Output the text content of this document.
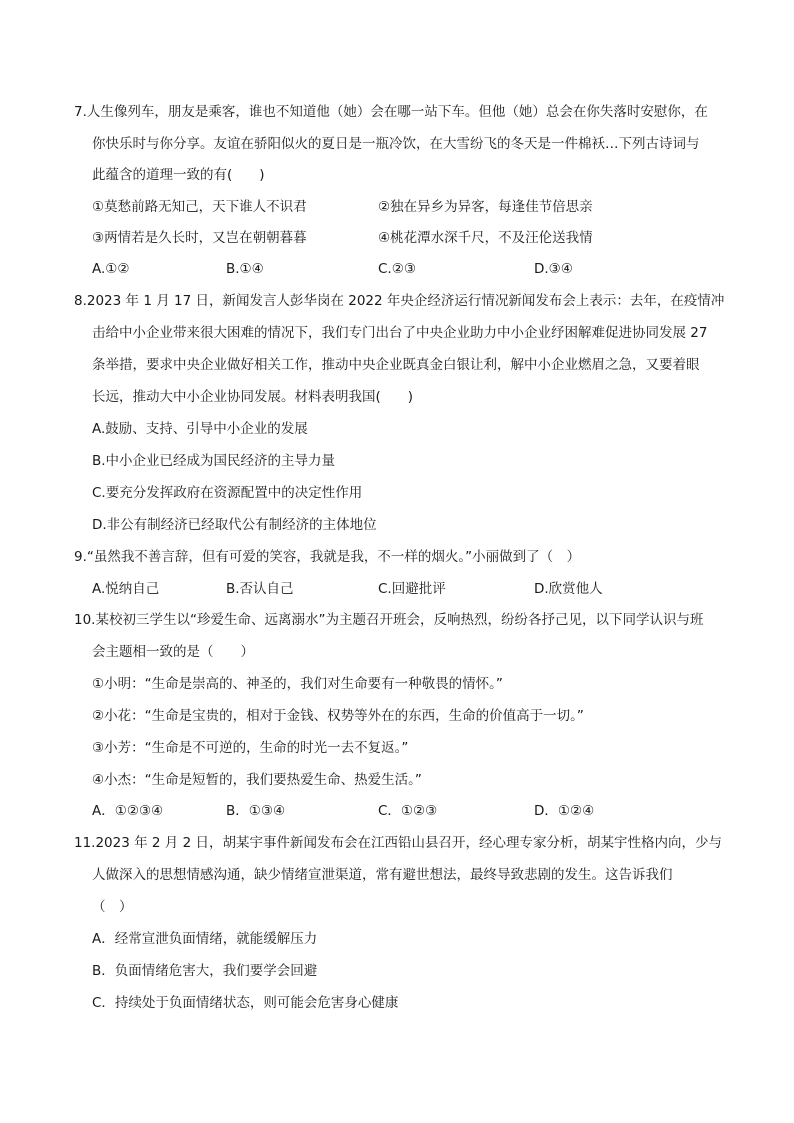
7.人生像列车，朋友是乘客，谁也不知道他（她）会在哪一站下车。但他（她）总会在你失落时安慰你，在
你快乐时与你分享。友谊在骄阳似火的夏日是一瓶冷饮，在大雪纷飞的冬天是一件棉袄…下列古诗词与
此蕴含的道理一致的有(　　)
①莫愁前路无知己，天下谁人不识君	②独在异乡为异客，每逢佳节倍思亲
③两情若是久长时，又岂在朝朝暮暮	④桃花潭水深千尺，不及汪伦送我情
A.①②	B.①④	C.②③	D.③④
8.2023 年 1 月 17 日，新闻发言人彭华岗在 2022 年央企经济运行情况新闻发布会上表示：去年，在疫情冲
击给中小企业带来很大困难的情况下，我们专门出台了中央企业助力中小企业纾困解难促进协同发展 27
条举措，要求中央企业做好相关工作，推动中央企业既真金白银让利，解中小企业燃眉之急，又要着眼
长远，推动大中小企业协同发展。材料表明我国(　　)
A.鼓励、支持、引导中小企业的发展
B.中小企业已经成为国民经济的主导力量
C.要充分发挥政府在资源配置中的决定性作用
D.非公有制经济已经取代公有制经济的主体地位
9.“虽然我不善言辞，但有可爱的笑容，我就是我，不一样的烟火。”小丽做到了（　）
A.悦纳自己	B.否认自己	C.回避批评	D.欣赏他人
10.某校初三学生以“珍爱生命、远离溺水”为主题召开班会，反响热烈，纷纷各抒己见，以下同学认识与班
会主题相一致的是（　　）
①小明：“生命是崇高的、神圣的，我们对生命要有一种敬畏的情怀。”
②小花：“生命是宝贵的，相对于金钱、权势等外在的东西，生命的价值高于一切。”
③小芳：“生命是不可逆的，生命的时光一去不复返。”
④小杰：“生命是短暂的，我们要热爱生命、热爱生活。”
A．①②③④	B．①③④	C．①②③	D．①②④
11.2023 年 2 月 2 日，胡某宇事件新闻发布会在江西铅山县召开，经心理专家分析，胡某宇性格内向，少与
人做深入的思想情感沟通，缺少情绪宣泄渠道，常有避世想法，最终导致悲剧的发生。这告诉我们
（　）
A．经常宣泄负面情绪，就能缓解压力
B．负面情绪危害大，我们要学会回避
C．持续处于负面情绪状态，则可能会危害身心健康
